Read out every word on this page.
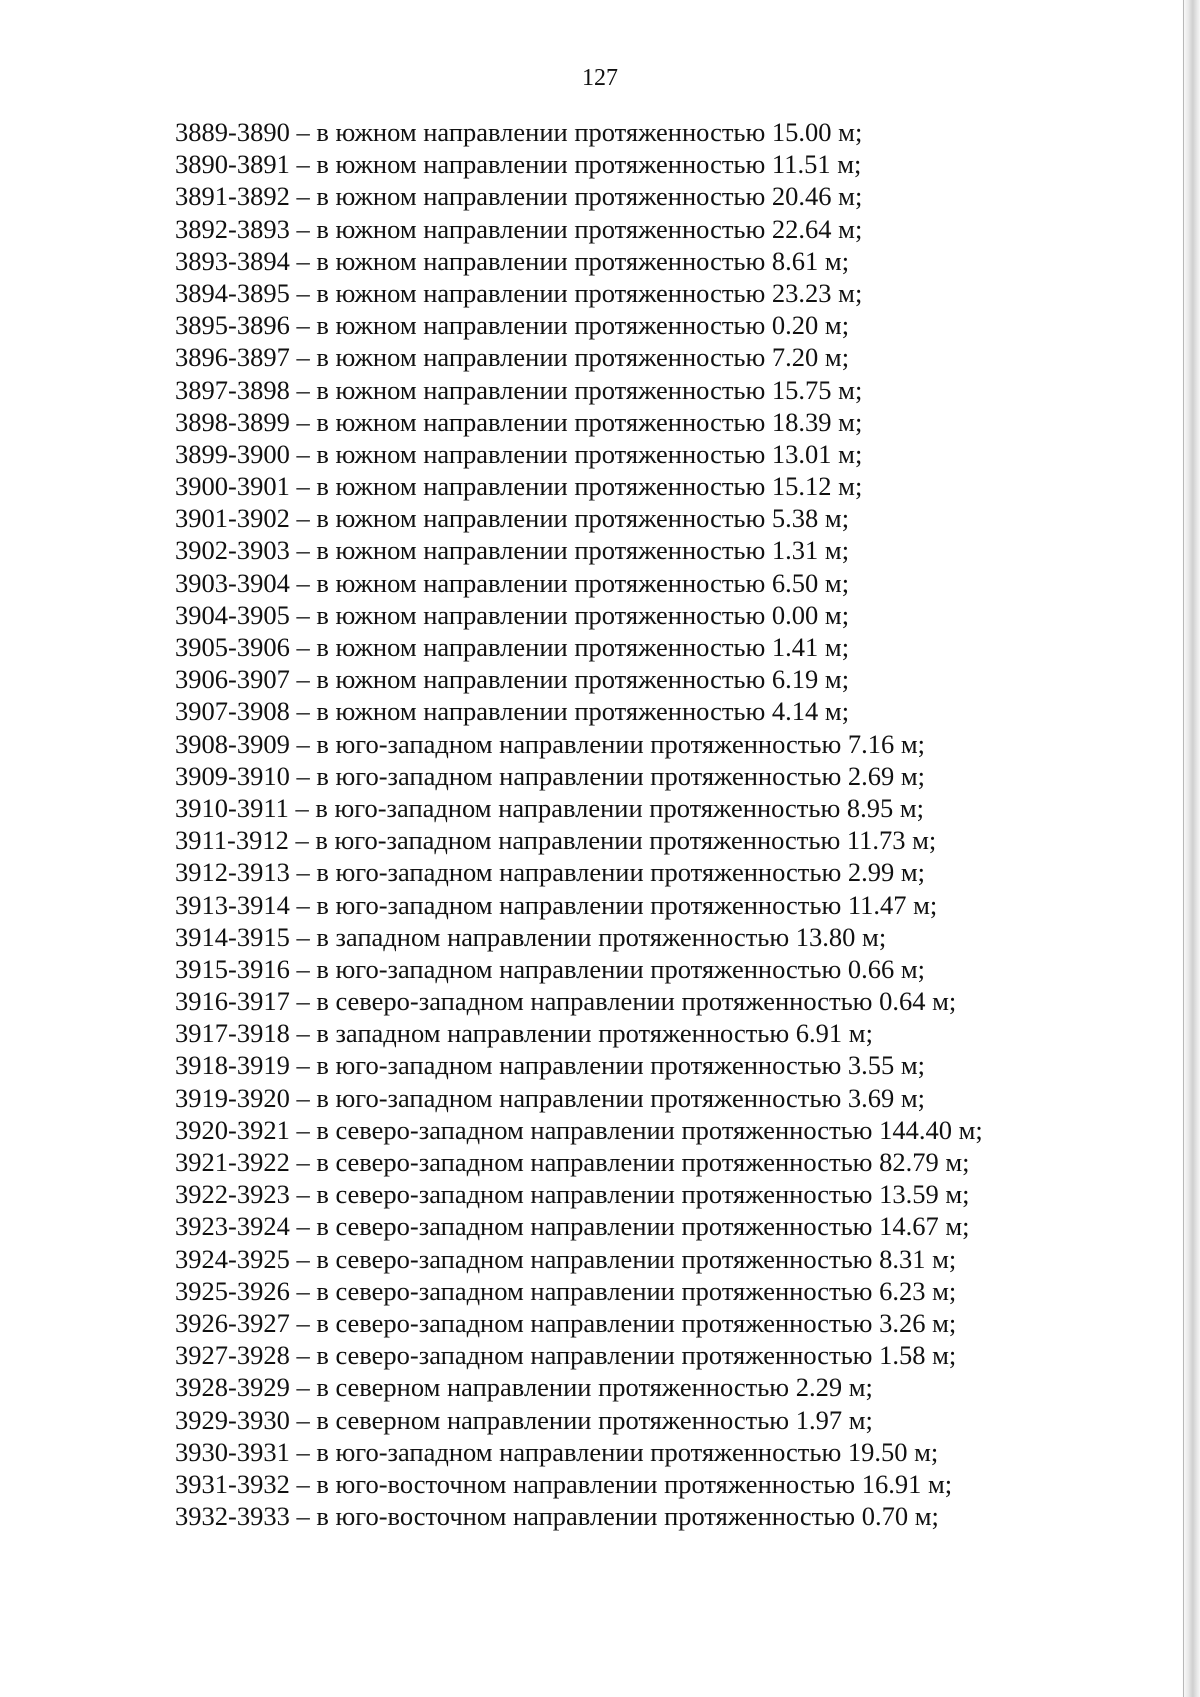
127
3889-3890 – в южном направлении протяженностью 15.00 м;
3890-3891 – в южном направлении протяженностью 11.51 м;
3891-3892 – в южном направлении протяженностью 20.46 м;
3892-3893 – в южном направлении протяженностью 22.64 м;
3893-3894 – в южном направлении протяженностью 8.61 м;
3894-3895 – в южном направлении протяженностью 23.23 м;
3895-3896 – в южном направлении протяженностью 0.20 м;
3896-3897 – в южном направлении протяженностью 7.20 м;
3897-3898 – в южном направлении протяженностью 15.75 м;
3898-3899 – в южном направлении протяженностью 18.39 м;
3899-3900 – в южном направлении протяженностью 13.01 м;
3900-3901 – в южном направлении протяженностью 15.12 м;
3901-3902 – в южном направлении протяженностью 5.38 м;
3902-3903 – в южном направлении протяженностью 1.31 м;
3903-3904 – в южном направлении протяженностью 6.50 м;
3904-3905 – в южном направлении протяженностью 0.00 м;
3905-3906 – в южном направлении протяженностью 1.41 м;
3906-3907 – в южном направлении протяженностью 6.19 м;
3907-3908 – в южном направлении протяженностью 4.14 м;
3908-3909 – в юго-западном направлении протяженностью 7.16 м;
3909-3910 – в юго-западном направлении протяженностью 2.69 м;
3910-3911 – в юго-западном направлении протяженностью 8.95 м;
3911-3912 – в юго-западном направлении протяженностью 11.73 м;
3912-3913 – в юго-западном направлении протяженностью 2.99 м;
3913-3914 – в юго-западном направлении протяженностью 11.47 м;
3914-3915 – в западном направлении протяженностью 13.80 м;
3915-3916 – в юго-западном направлении протяженностью 0.66 м;
3916-3917 – в северо-западном направлении протяженностью 0.64 м;
3917-3918 – в западном направлении протяженностью 6.91 м;
3918-3919 – в юго-западном направлении протяженностью 3.55 м;
3919-3920 – в юго-западном направлении протяженностью 3.69 м;
3920-3921 – в северо-западном направлении протяженностью 144.40 м;
3921-3922 – в северо-западном направлении протяженностью 82.79 м;
3922-3923 – в северо-западном направлении протяженностью 13.59 м;
3923-3924 – в северо-западном направлении протяженностью 14.67 м;
3924-3925 – в северо-западном направлении протяженностью 8.31 м;
3925-3926 – в северо-западном направлении протяженностью 6.23 м;
3926-3927 – в северо-западном направлении протяженностью 3.26 м;
3927-3928 – в северо-западном направлении протяженностью 1.58 м;
3928-3929 – в северном направлении протяженностью 2.29 м;
3929-3930 – в северном направлении протяженностью 1.97 м;
3930-3931 – в юго-западном направлении протяженностью 19.50 м;
3931-3932 – в юго-восточном направлении протяженностью 16.91 м;
3932-3933 – в юго-восточном направлении протяженностью 0.70 м;
